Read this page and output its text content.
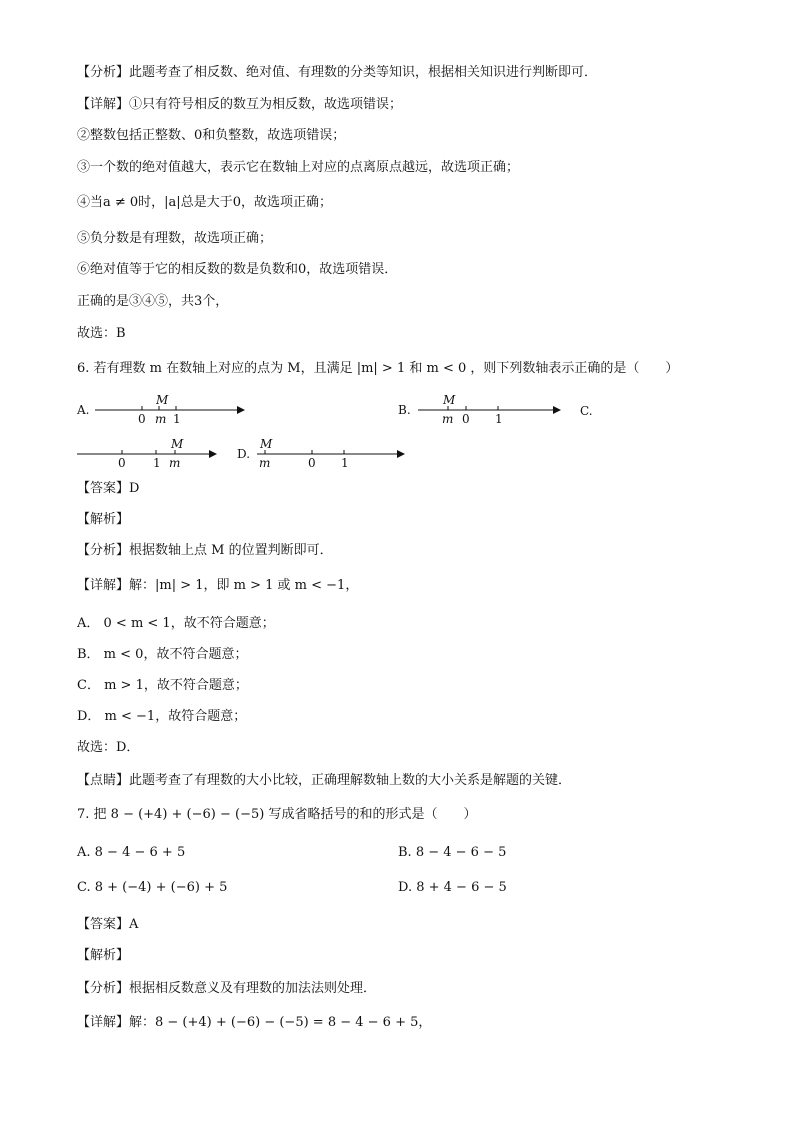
【分析】此题考查了相反数、绝对值、有理数的分类等知识，根据相关知识进行判断即可．
【详解】①只有符号相反的数互为相反数，故选项错误；
②整数包括正整数、0和负整数，故选项错误；
③一个数的绝对值越大，表示它在数轴上对应的点离原点越远，故选项正确；
④当a ≠ 0时，|a|总是大于0，故选项正确；
⑤负分数是有理数，故选项正确；
⑥绝对值等于它的相反数的数是负数和0，故选项错误．
正确的是③④⑤，共3个，
故选：B
6. 若有理数 m 在数轴上对应的点为 M，且满足 |m| > 1 和 m < 0 ，则下列数轴表示正确的是（　　）
A.
M
0 m 1
B.
M
m 0 1
C.
M
0 1 m
D.
M
m	0 1
【答案】D
【解析】
【分析】根据数轴上点 M 的位置判断即可．
【详解】解：|m| > 1，即 m > 1 或 m < −1，
A． 0 < m < 1，故不符合题意；
B． m < 0，故不符合题意；
C． m > 1，故不符合题意；
D． m < −1，故符合题意；
故选：D．
【点睛】此题考查了有理数的大小比较，正确理解数轴上数的大小关系是解题的关键．
7. 把 8 − (+4) + (−6) − (−5) 写成省略括号的和的形式是（　　）
A. 8 − 4 − 6 + 5	B. 8 − 4 − 6 − 5
C. 8 + (−4) + (−6) + 5	D. 8 + 4 − 6 − 5
【答案】A
【解析】
【分析】根据相反数意义及有理数的加法法则处理．
【详解】解：8 − (+4) + (−6) − (−5) = 8 − 4 − 6 + 5，
